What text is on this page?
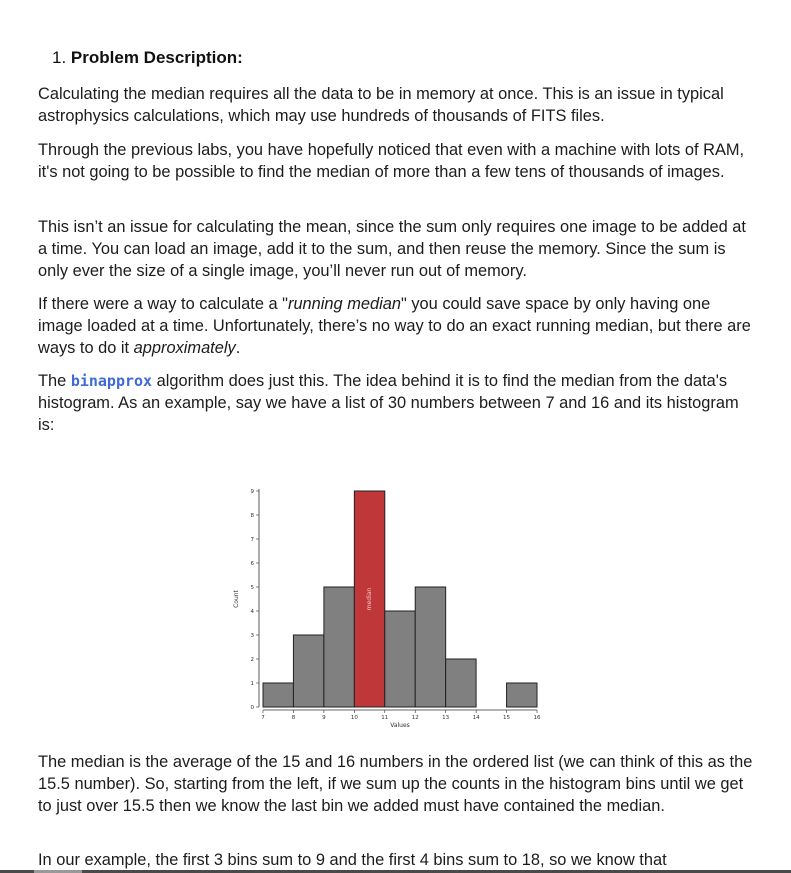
1. Problem Description:

Calculating the median requires all the data to be in memory at once. This is an issue in typical astrophysics calculations, which may use hundreds of thousands of FITS files.

Through the previous labs, you have hopefully noticed that even with a machine with lots of RAM, it's not going to be possible to find the median of more than a few tens of thousands of images.

This isn’t an issue for calculating the mean, since the sum only requires one image to be added at a time. You can load an image, add it to the sum, and then reuse the memory. Since the sum is only ever the size of a single image, you’ll never run out of memory.

If there were a way to calculate a "running median" you could save space by only having one image loaded at a time. Unfortunately, there’s no way to do an exact running median, but there are ways to do it approximately.

The binapprox algorithm does just this. The idea behind it is to find the median from the data's histogram. As an example, say we have a list of 30 numbers between 7 and 16 and its histogram is:

The median is the average of the 15 and 16 numbers in the ordered list (we can think of this as the 15.5 number). So, starting from the left, if we sum up the counts in the histogram bins until we get to just over 15.5 then we know the last bin we added must have contained the median.

In our example, the first 3 bins sum to 9 and the first 4 bins sum to 18, so we know that

median
0
1
2
3
4
5
6
7
8
9
7	8	9	10	11	12	13	14	15	16
Values
Count
